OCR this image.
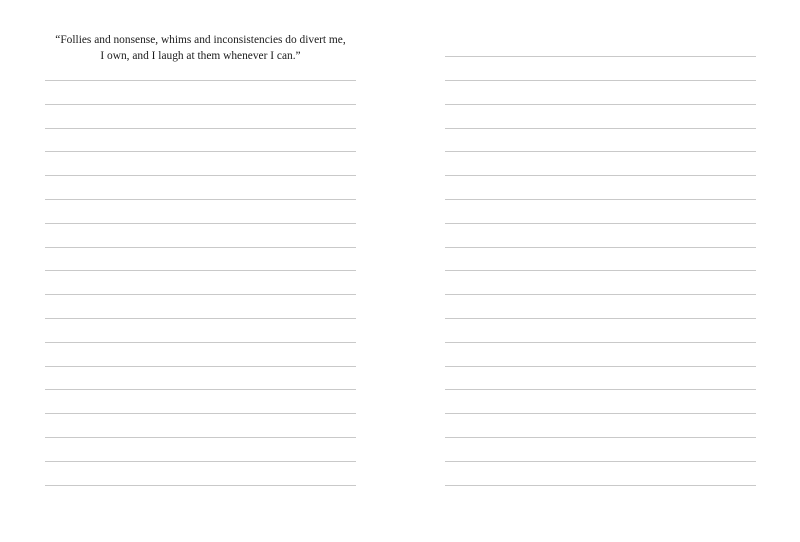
“Follies and nonsense, whims and inconsistencies do divert me,
I own, and I laugh at them whenever I can.”
